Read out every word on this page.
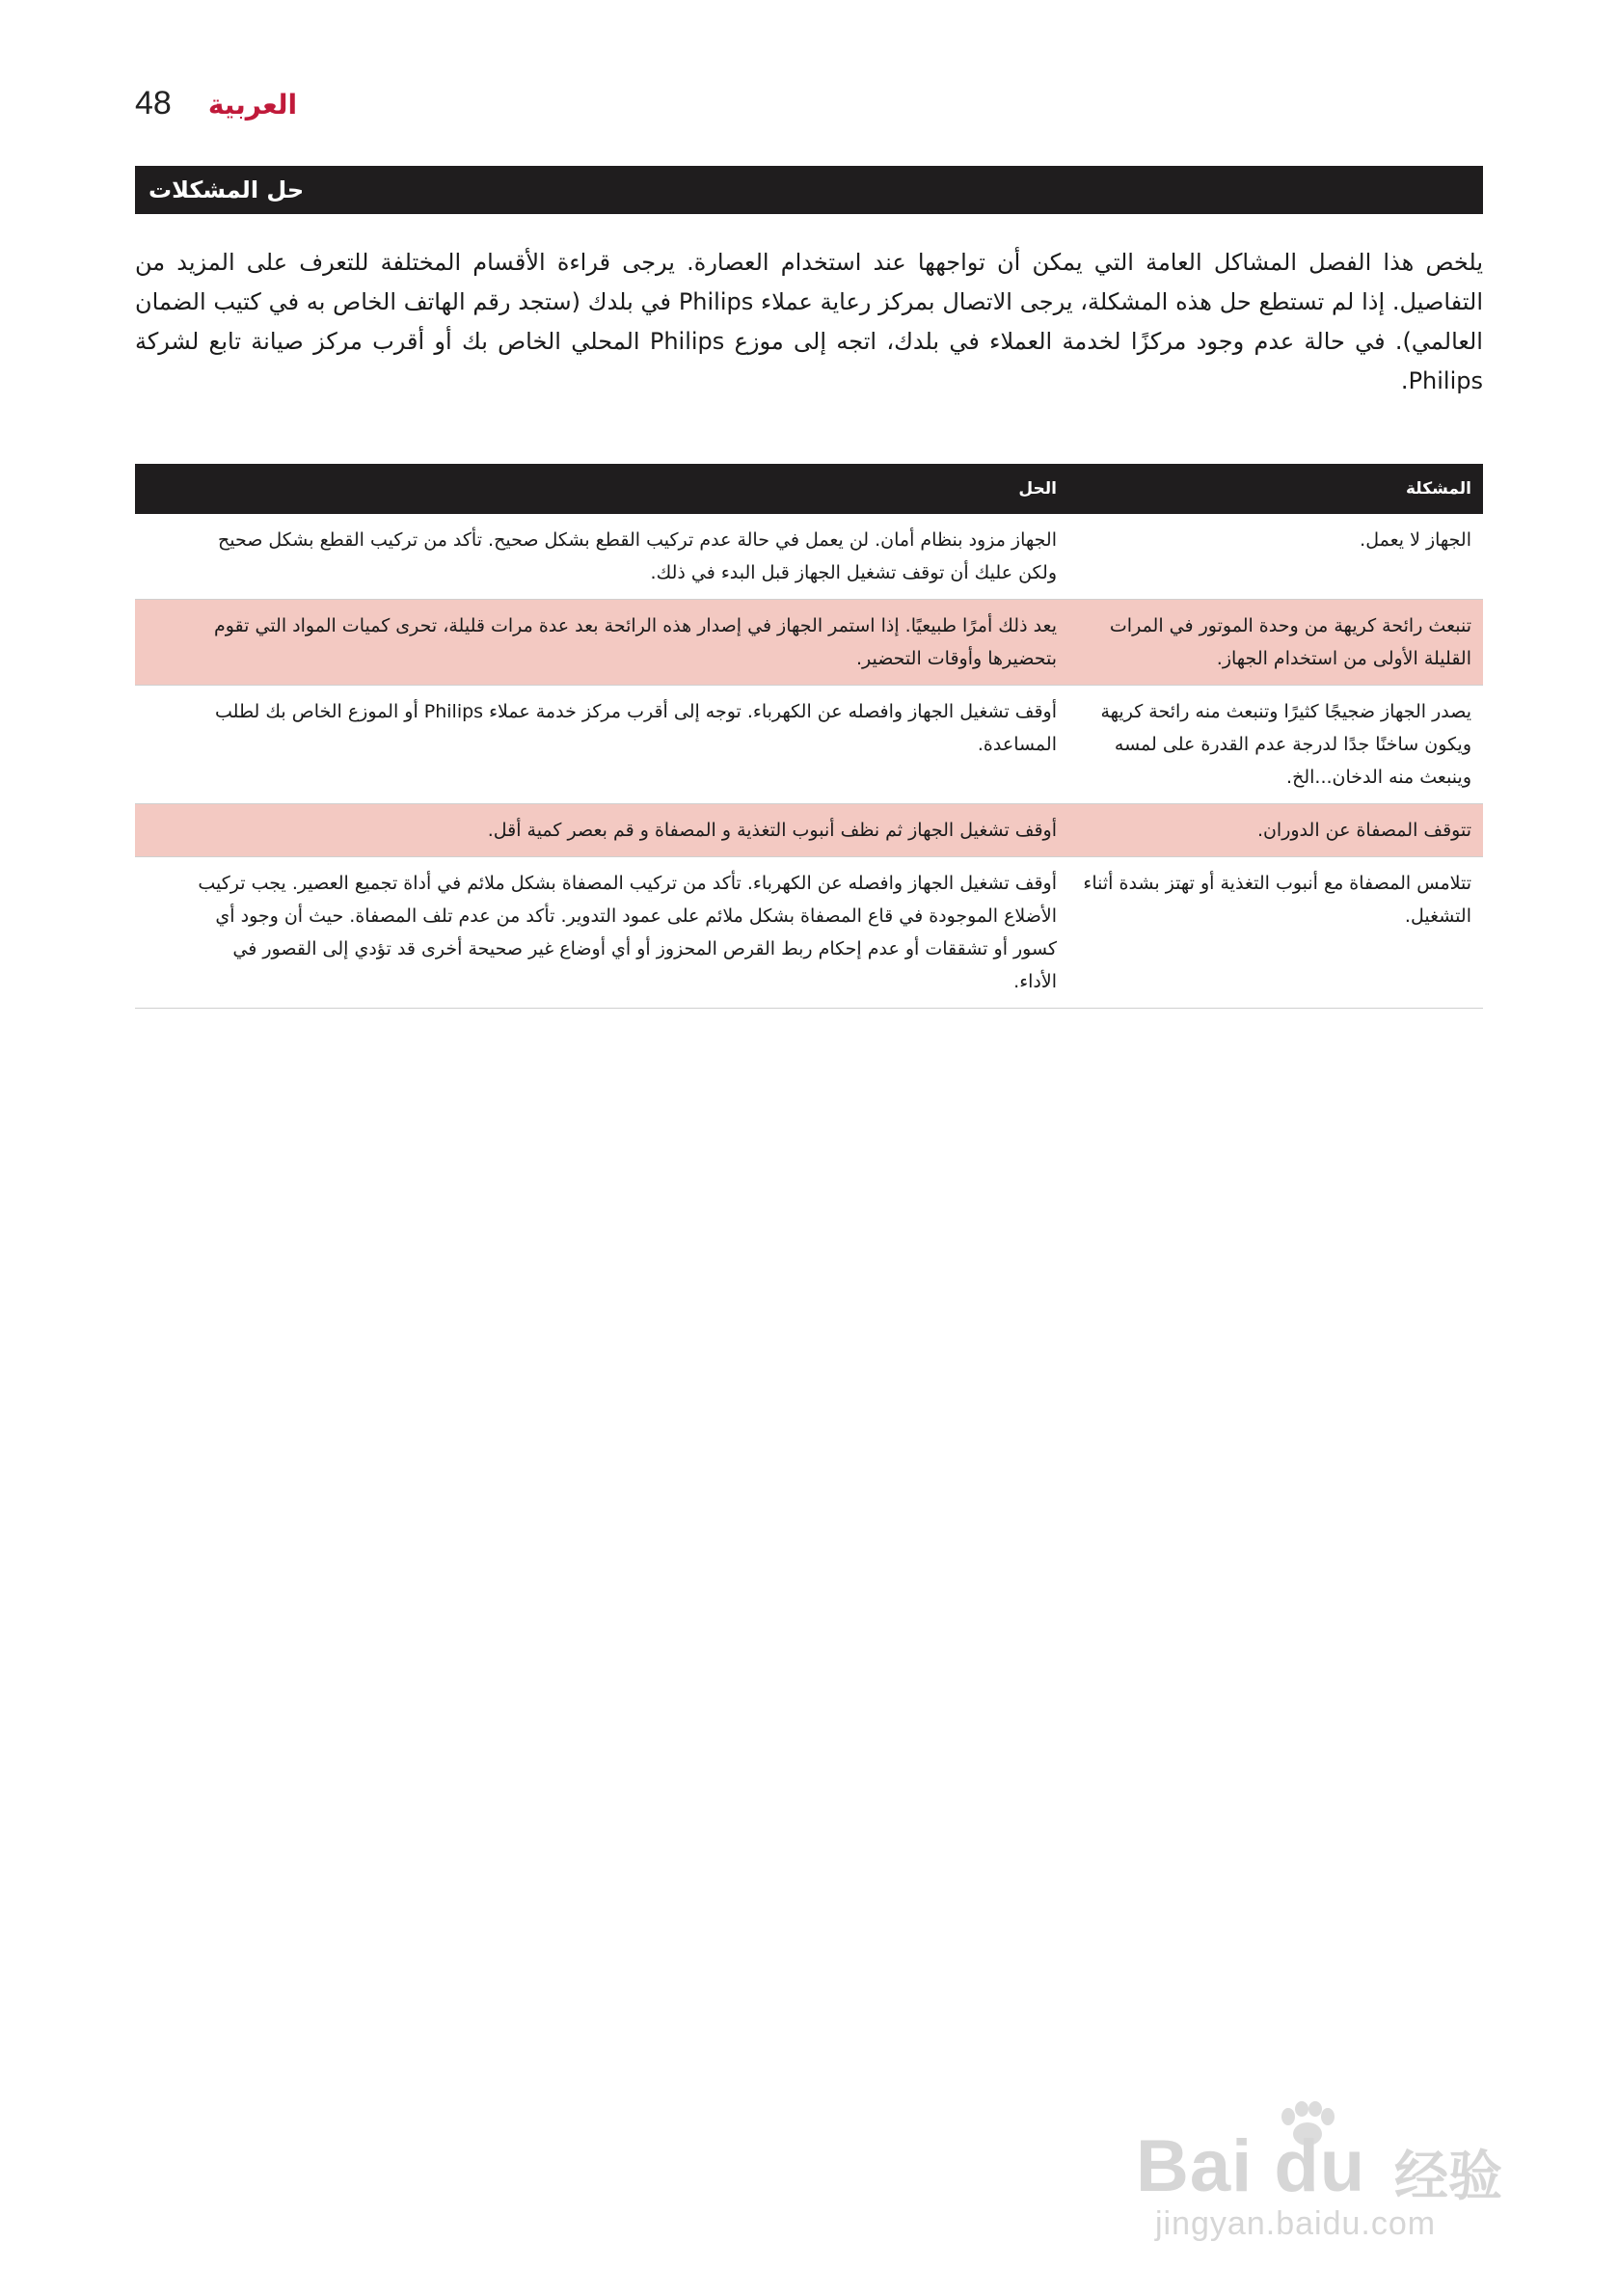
48 العربية
حل المشكلات

يلخص هذا الفصل المشاكل العامة التي يمكن أن تواجهها عند استخدام العصارة. يرجى قراءة الأقسام المختلفة للتعرف على المزيد من التفاصيل. إذا لم تستطع حل هذه المشكلة، يرجى الاتصال بمركز رعاية عملاء Philips في بلدك (ستجد رقم الهاتف الخاص به في كتيب الضمان العالمي). في حالة عدم وجود مركزًا لخدمة العملاء في بلدك، اتجه إلى موزع Philips المحلي الخاص بك أو أقرب مركز صيانة تابع لشركة Philips.

المشكلة
الحل
الجهاز لا يعمل.
الجهاز مزود بنظام أمان. لن يعمل في حالة عدم تركيب القطع بشكل صحيح. تأكد من تركيب القطع بشكل صحيح ولكن عليك أن توقف تشغيل الجهاز قبل البدء في ذلك.
تنبعث رائحة كريهة من وحدة الموتور في المرات القليلة الأولى من استخدام الجهاز.
يعد ذلك أمرًا طبيعيًا. إذا استمر الجهاز في إصدار هذه الرائحة بعد عدة مرات قليلة، تحرى كميات المواد التي تقوم بتحضيرها وأوقات التحضير.
يصدر الجهاز ضجيجًا كثيرًا وتنبعث منه رائحة كريهة ويكون ساخنًا جدًا لدرجة عدم القدرة على لمسه وينبعث منه الدخان...الخ.
أوقف تشغيل الجهاز وافصله عن الكهرباء. توجه إلى أقرب مركز خدمة عملاء Philips أو الموزع الخاص بك لطلب المساعدة.
تتوقف المصفاة عن الدوران.
أوقف تشغيل الجهاز ثم نظف أنبوب التغذية و المصفاة و قم بعصر كمية أقل.
تتلامس المصفاة مع أنبوب التغذية أو تهتز بشدة أثناء التشغيل.
أوقف تشغيل الجهاز وافصله عن الكهرباء. تأكد من تركيب المصفاة بشكل ملائم في أداة تجميع العصير. يجب تركيب الأضلاع الموجودة في قاع المصفاة بشكل ملائم على عمود التدوير. تأكد من عدم تلف المصفاة. حيث أن وجود أي كسور أو تشققات أو عدم إحكام ربط القرص المحزوز أو أي أوضاع غير صحيحة أخرى قد تؤدي إلى القصور في الأداء.
Bai du 经验
jingyan.baidu.com
